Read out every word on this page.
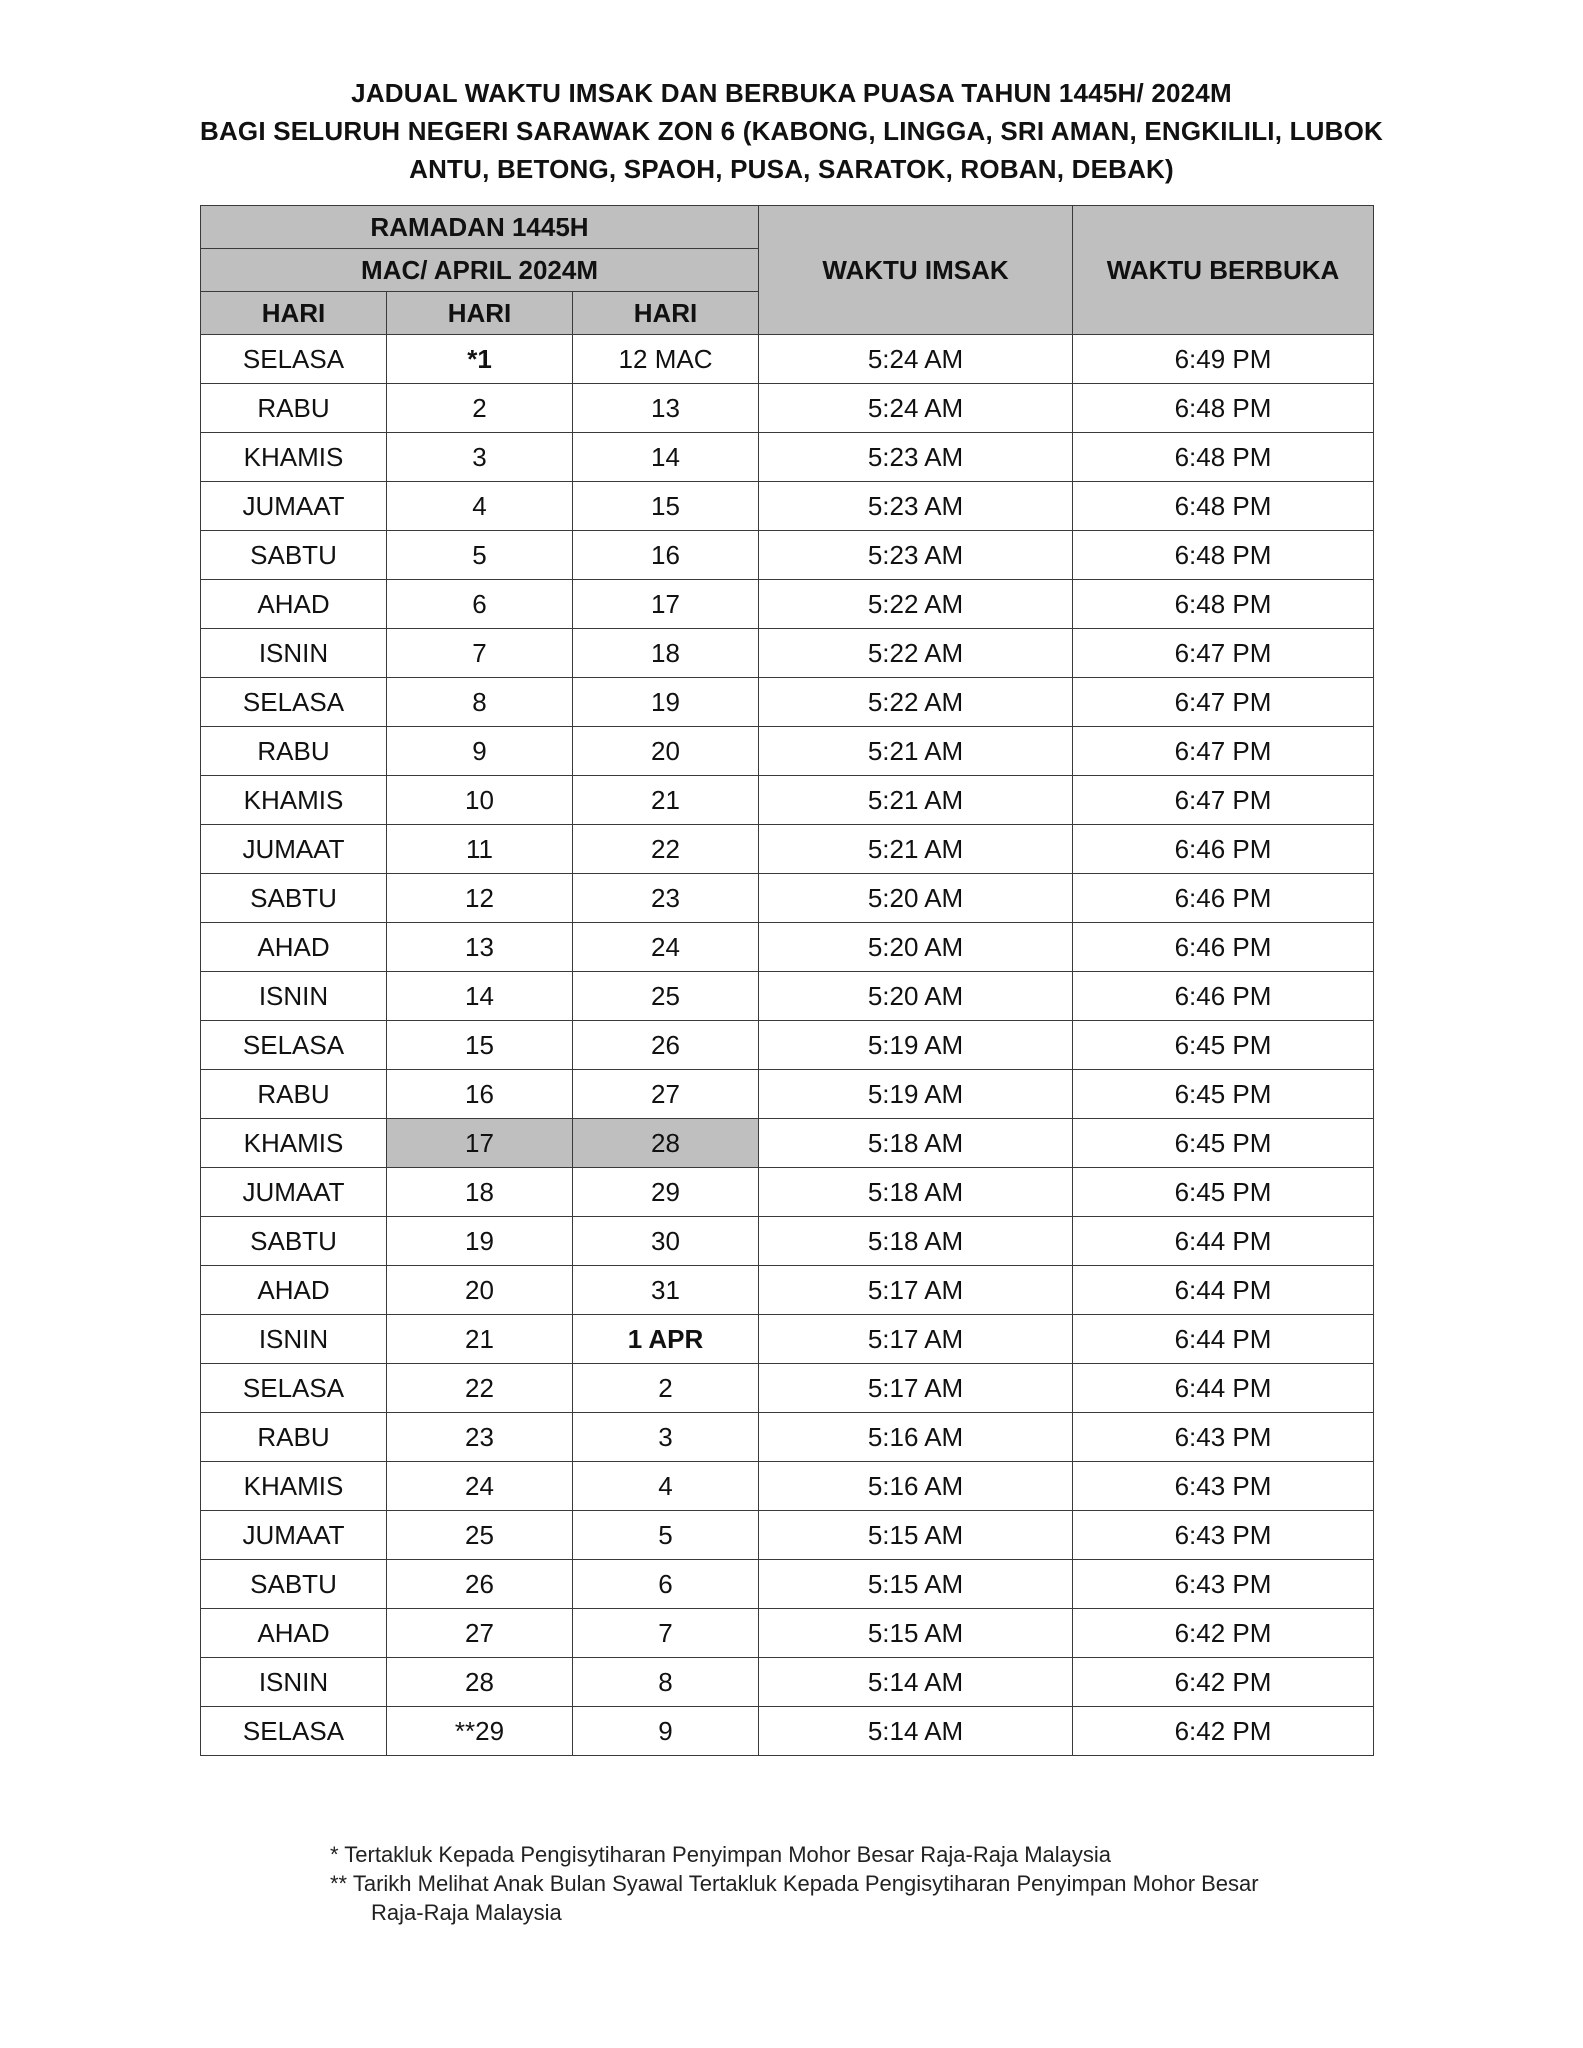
JADUAL WAKTU IMSAK DAN BERBUKA PUASA TAHUN 1445H/ 2024M
BAGI SELURUH NEGERI SARAWAK ZON 6 (KABONG, LINGGA, SRI AMAN, ENGKILILI, LUBOK
ANTU, BETONG, SPAOH, PUSA, SARATOK, ROBAN, DEBAK)
RAMADAN 1445H			WAKTU IMSAK	WAKTU BERBUKA
MAC/ APRIL 2024M				
HARI	HARI	HARI		
SELASA	*1	12 MAC	5:24 AM	6:49 PM
RABU	2	13	5:24 AM	6:48 PM
KHAMIS	3	14	5:23 AM	6:48 PM
JUMAAT	4	15	5:23 AM	6:48 PM
SABTU	5	16	5:23 AM	6:48 PM
AHAD	6	17	5:22 AM	6:48 PM
ISNIN	7	18	5:22 AM	6:47 PM
SELASA	8	19	5:22 AM	6:47 PM
RABU	9	20	5:21 AM	6:47 PM
KHAMIS	10	21	5:21 AM	6:47 PM
JUMAAT	11	22	5:21 AM	6:46 PM
SABTU	12	23	5:20 AM	6:46 PM
AHAD	13	24	5:20 AM	6:46 PM
ISNIN	14	25	5:20 AM	6:46 PM
SELASA	15	26	5:19 AM	6:45 PM
RABU	16	27	5:19 AM	6:45 PM
KHAMIS	17	28	5:18 AM	6:45 PM
JUMAAT	18	29	5:18 AM	6:45 PM
SABTU	19	30	5:18 AM	6:44 PM
AHAD	20	31	5:17 AM	6:44 PM
ISNIN	21	1 APR	5:17 AM	6:44 PM
SELASA	22	2	5:17 AM	6:44 PM
RABU	23	3	5:16 AM	6:43 PM
KHAMIS	24	4	5:16 AM	6:43 PM
JUMAAT	25	5	5:15 AM	6:43 PM
SABTU	26	6	5:15 AM	6:43 PM
AHAD	27	7	5:15 AM	6:42 PM
ISNIN	28	8	5:14 AM	6:42 PM
SELASA	**29	9	5:14 AM	6:42 PM
* Tertakluk Kepada Pengisytiharan Penyimpan Mohor Besar Raja-Raja Malaysia
** Tarikh Melihat Anak Bulan Syawal Tertakluk Kepada Pengisytiharan Penyimpan Mohor Besar
Raja-Raja Malaysia
